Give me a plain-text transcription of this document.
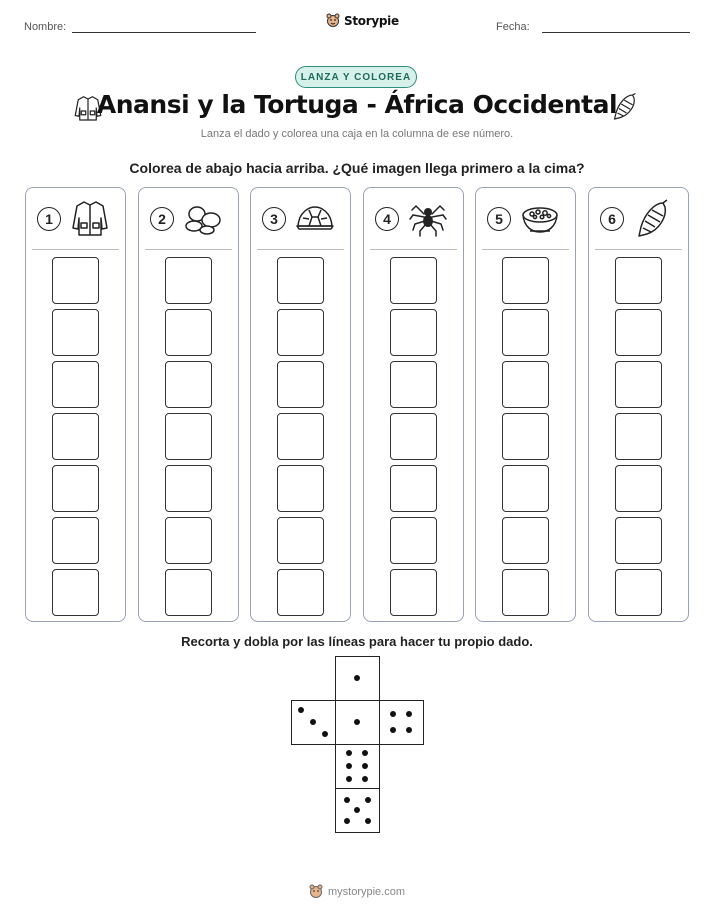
Nombre:	Storypie	Fecha:
LANZA Y COLOREA
Anansi y la Tortuga - África Occidental
Lanza el dado y colorea una caja en la columna de ese número.
Colorea de abajo hacia arriba. ¿Qué imagen llega primero a la cima?
1	2	3	4	5	6
Recorta y dobla por las líneas para hacer tu propio dado.
mystorypie.com
